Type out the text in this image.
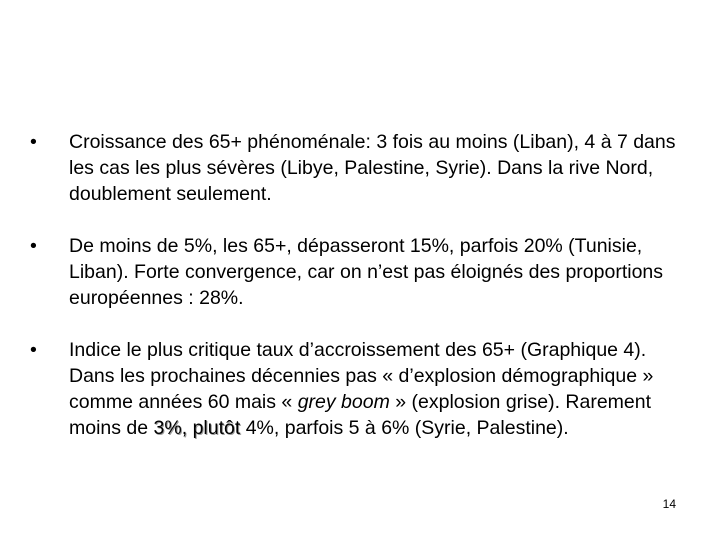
•	Croissance des 65+ phénoménale: 3 fois au moins (Liban), 4 à 7 dans les cas les plus sévères (Libye, Palestine, Syrie). Dans la rive Nord, doublement seulement.
•	De moins de 5%, les 65+, dépasseront 15%, parfois 20% (Tunisie, Liban). Forte convergence, car on n’est pas éloignés des proportions européennes : 28%.
•	Indice le plus critique taux d’accroissement des 65+ (Graphique 4). Dans les prochaines décennies pas « d’explosion démographique » comme années 60 mais « grey boom » (explosion grise). Rarement moins de 3%, plutôt 4%, parfois 5 à 6% (Syrie, Palestine).
14
